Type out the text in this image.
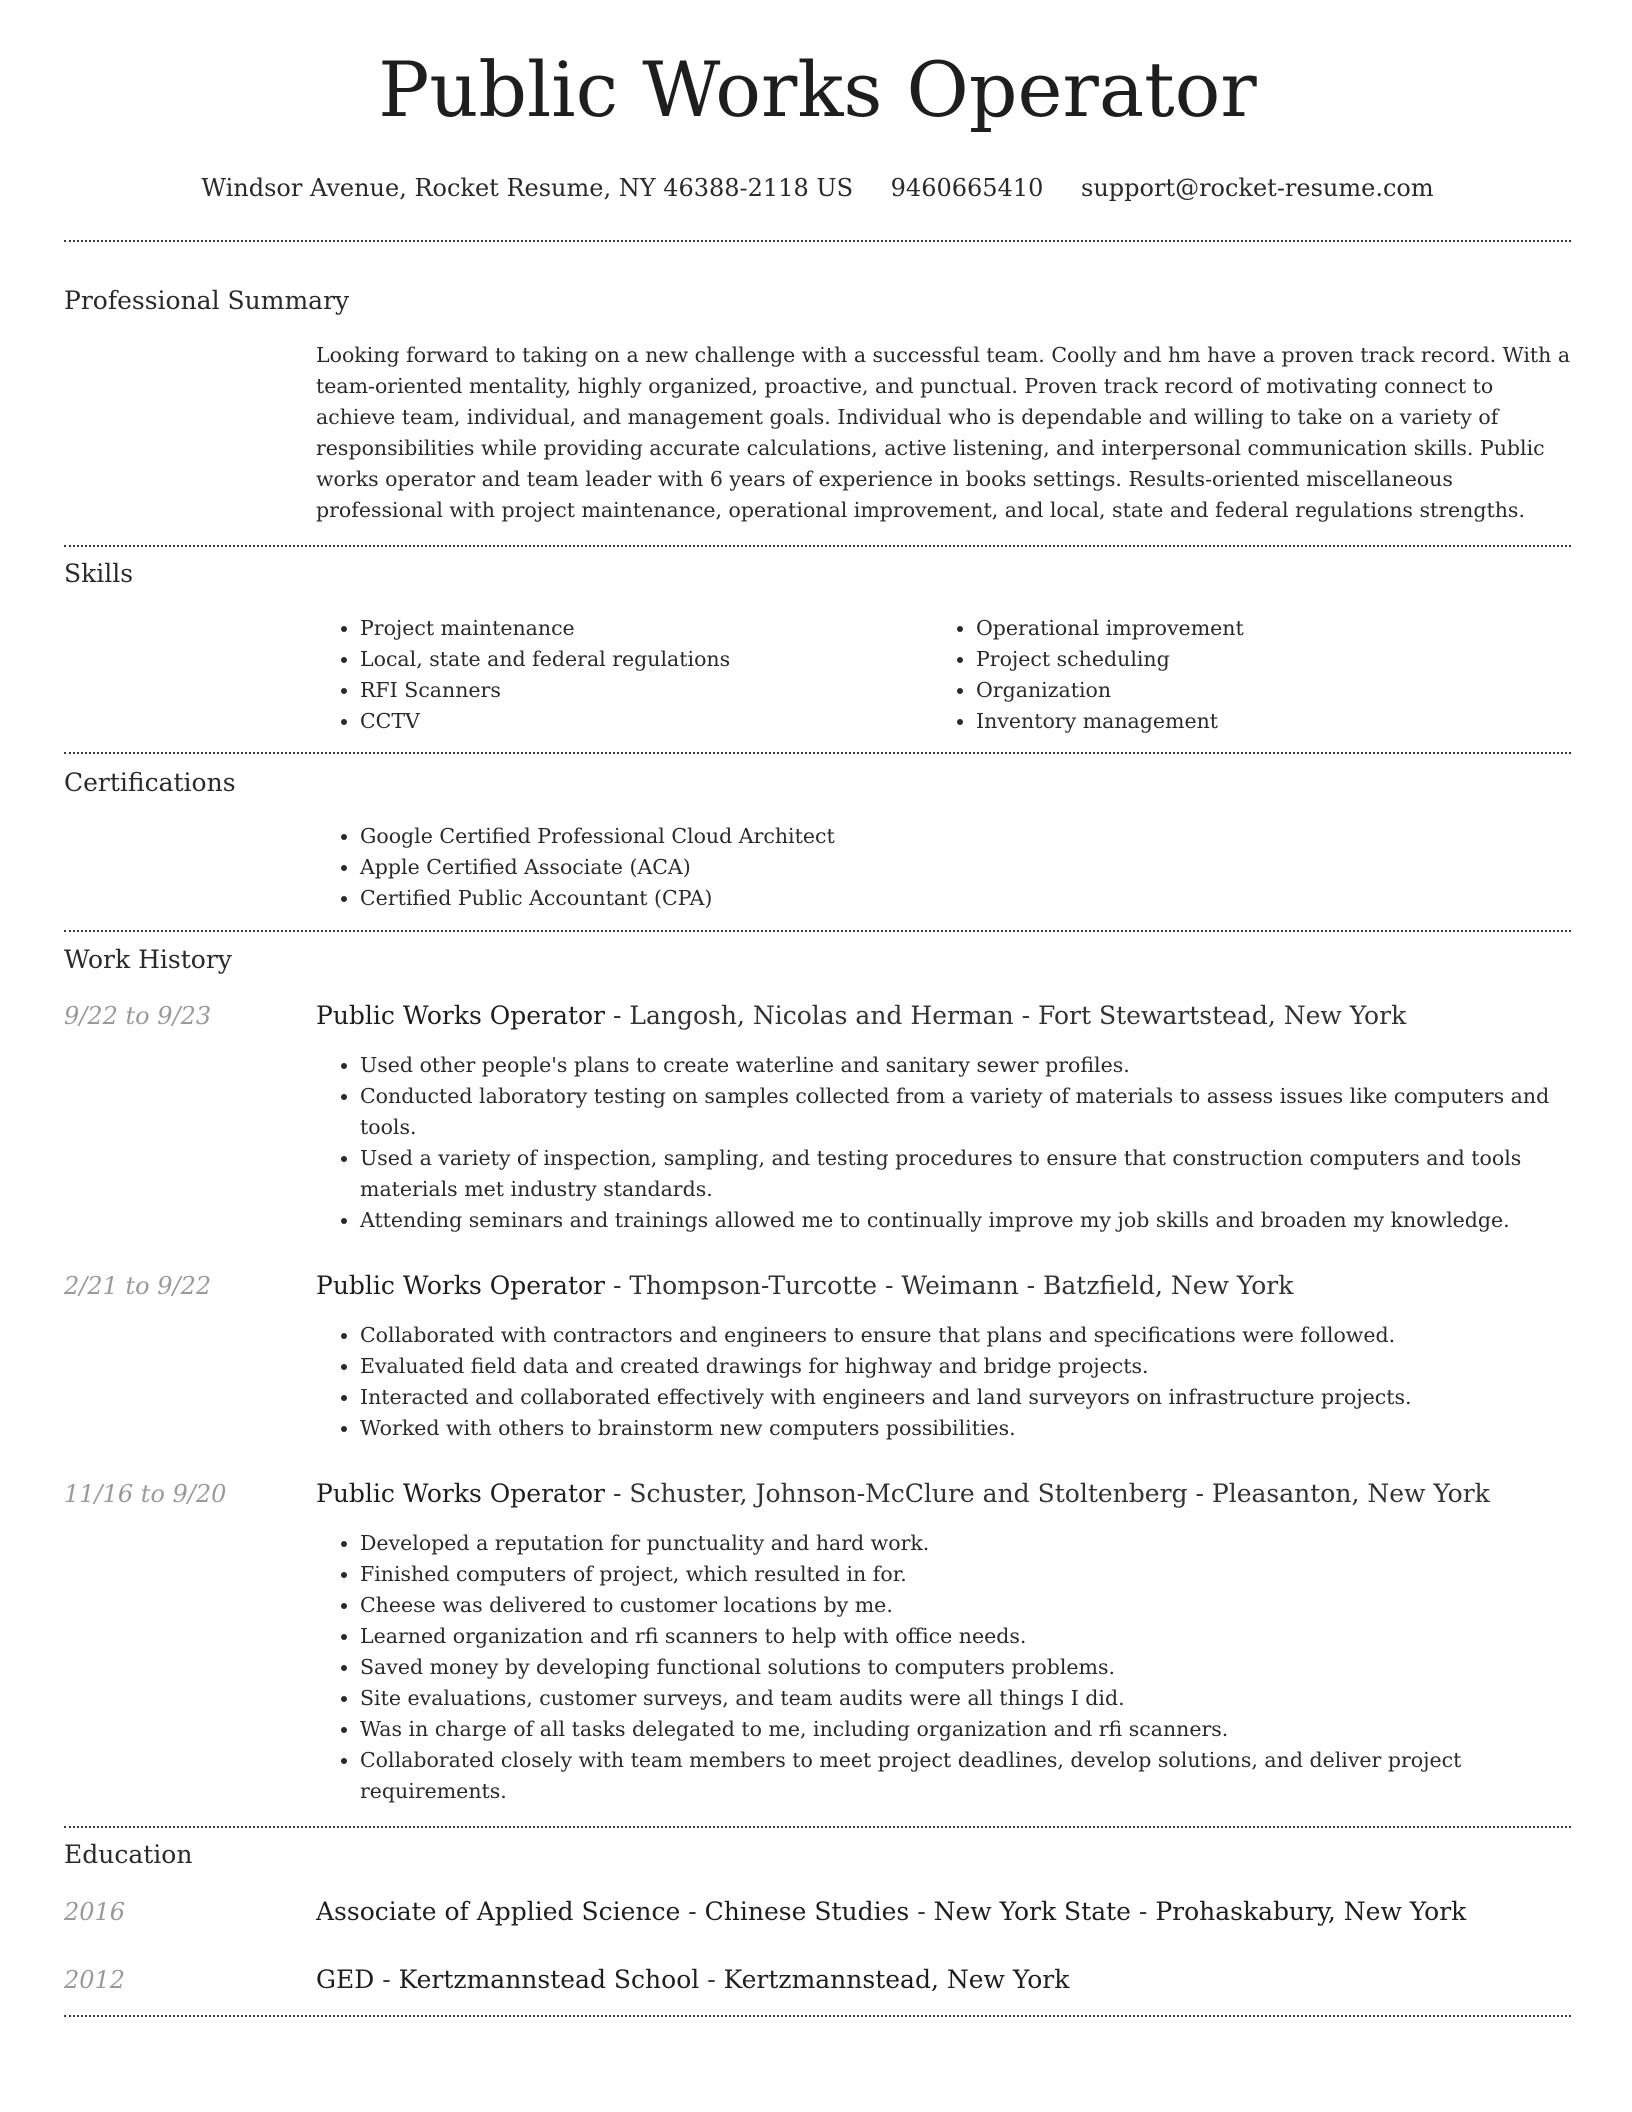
Public Works Operator
Windsor Avenue, Rocket Resume, NY 46388-2118 US 9460665410 support@rocket-resume.com
Professional Summary

Looking forward to taking on a new challenge with a successful team. Coolly and hm have a proven track record. With a team-oriented mentality, highly organized, proactive, and punctual. Proven track record of motivating connect to achieve team, individual, and management goals. Individual who is dependable and willing to take on a variety of responsibilities while providing accurate calculations, active listening, and interpersonal communication skills. Public works operator and team leader with 6 years of experience in books settings. Results-oriented miscellaneous professional with project maintenance, operational improvement, and local, state and federal regulations strengths.

Skills
• Project maintenance
• Local, state and federal regulations
• RFI Scanners
• CCTV
• Operational improvement
• Project scheduling
• Organization
• Inventory management
Certifications
• Google Certified Professional Cloud Architect
• Apple Certified Associate (ACA)
• Certified Public Accountant (CPA)
Work History
9/22 to 9/23	Public Works Operator - Langosh, Nicolas and Herman - Fort Stewartstead, New York
• Used other people's plans to create waterline and sanitary sewer profiles.
• Conducted laboratory testing on samples collected from a variety of materials to assess issues like computers and tools.
• Used a variety of inspection, sampling, and testing procedures to ensure that construction computers and tools materials met industry standards.
• Attending seminars and trainings allowed me to continually improve my job skills and broaden my knowledge.
2/21 to 9/22	Public Works Operator - Thompson-Turcotte - Weimann - Batzfield, New York
• Collaborated with contractors and engineers to ensure that plans and specifications were followed.
• Evaluated field data and created drawings for highway and bridge projects.
• Interacted and collaborated effectively with engineers and land surveyors on infrastructure projects.
• Worked with others to brainstorm new computers possibilities.
11/16 to 9/20	Public Works Operator - Schuster, Johnson-McClure and Stoltenberg - Pleasanton, New York
• Developed a reputation for punctuality and hard work.
• Finished computers of project, which resulted in for.
• Cheese was delivered to customer locations by me.
• Learned organization and rfi scanners to help with office needs.
• Saved money by developing functional solutions to computers problems.
• Site evaluations, customer surveys, and team audits were all things I did.
• Was in charge of all tasks delegated to me, including organization and rfi scanners.
• Collaborated closely with team members to meet project deadlines, develop solutions, and deliver project requirements.
Education
2016	Associate of Applied Science - Chinese Studies - New York State - Prohaskabury, New York
2012	GED - Kertzmannstead School - Kertzmannstead, New York
